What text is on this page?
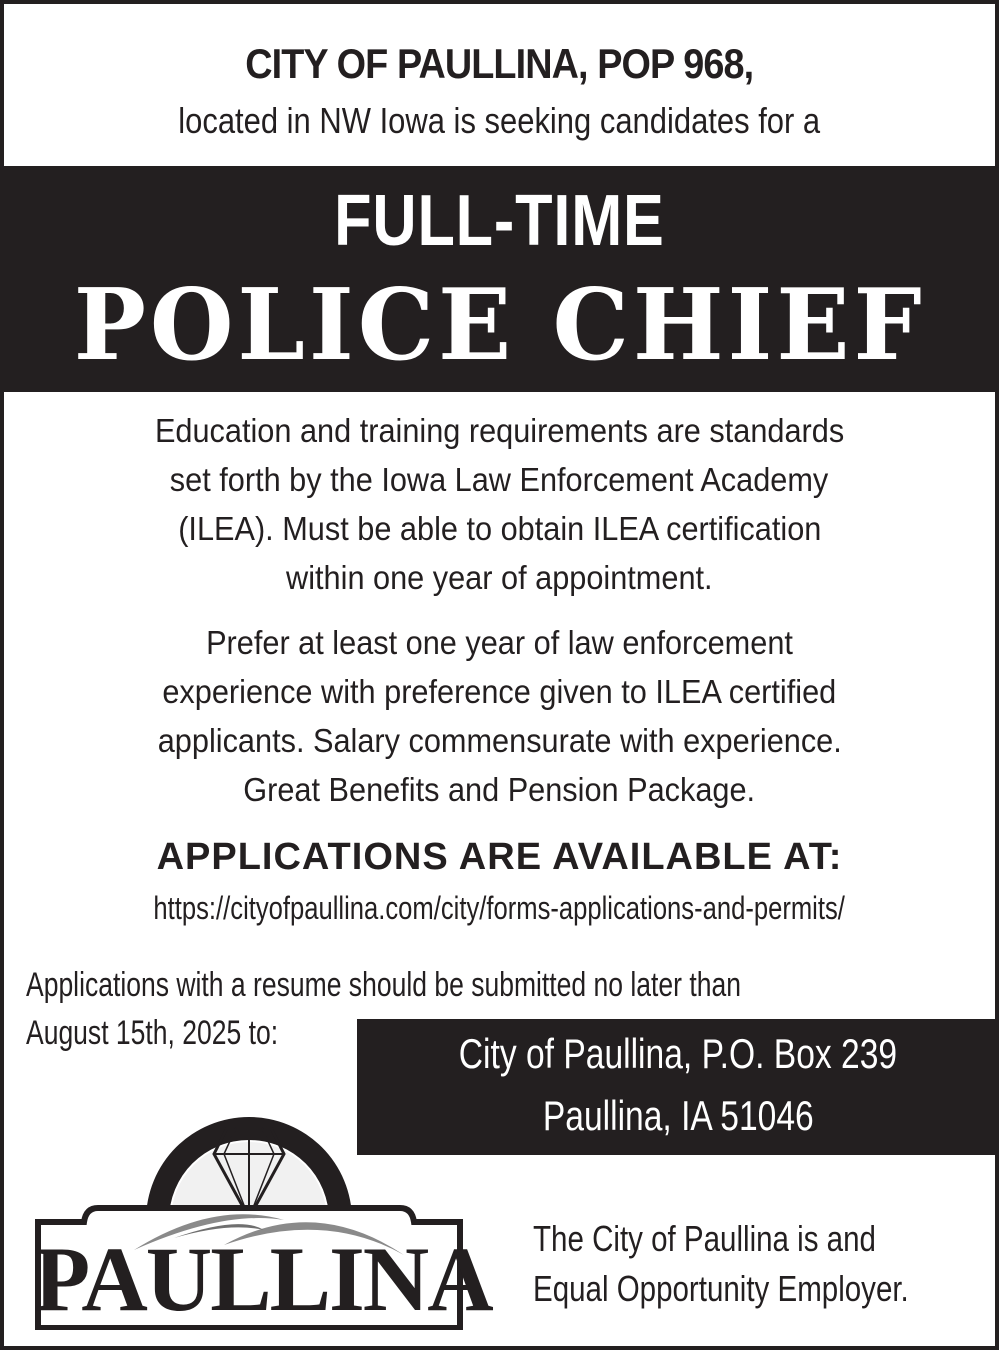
CITY OF PAULLINA, POP 968,
located in NW Iowa is seeking candidates for a
FULL-TIME
POLICE CHIEF
Education and training requirements are standards
set forth by the Iowa Law Enforcement Academy
(ILEA). Must be able to obtain ILEA certification
within one year of appointment.
Prefer at least one year of law enforcement
experience with preference given to ILEA certified
applicants. Salary commensurate with experience.
Great Benefits and Pension Package.
APPLICATIONS ARE AVAILABLE AT:
https://cityofpaullina.com/city/forms-applications-and-permits/
Applications with a resume should be submitted no later than
August 15th, 2025 to:	City of Paullina, P.O. Box 239
Paullina, IA 51046
PAULLINA The City of Paullina is and
Equal Opportunity Employer.
